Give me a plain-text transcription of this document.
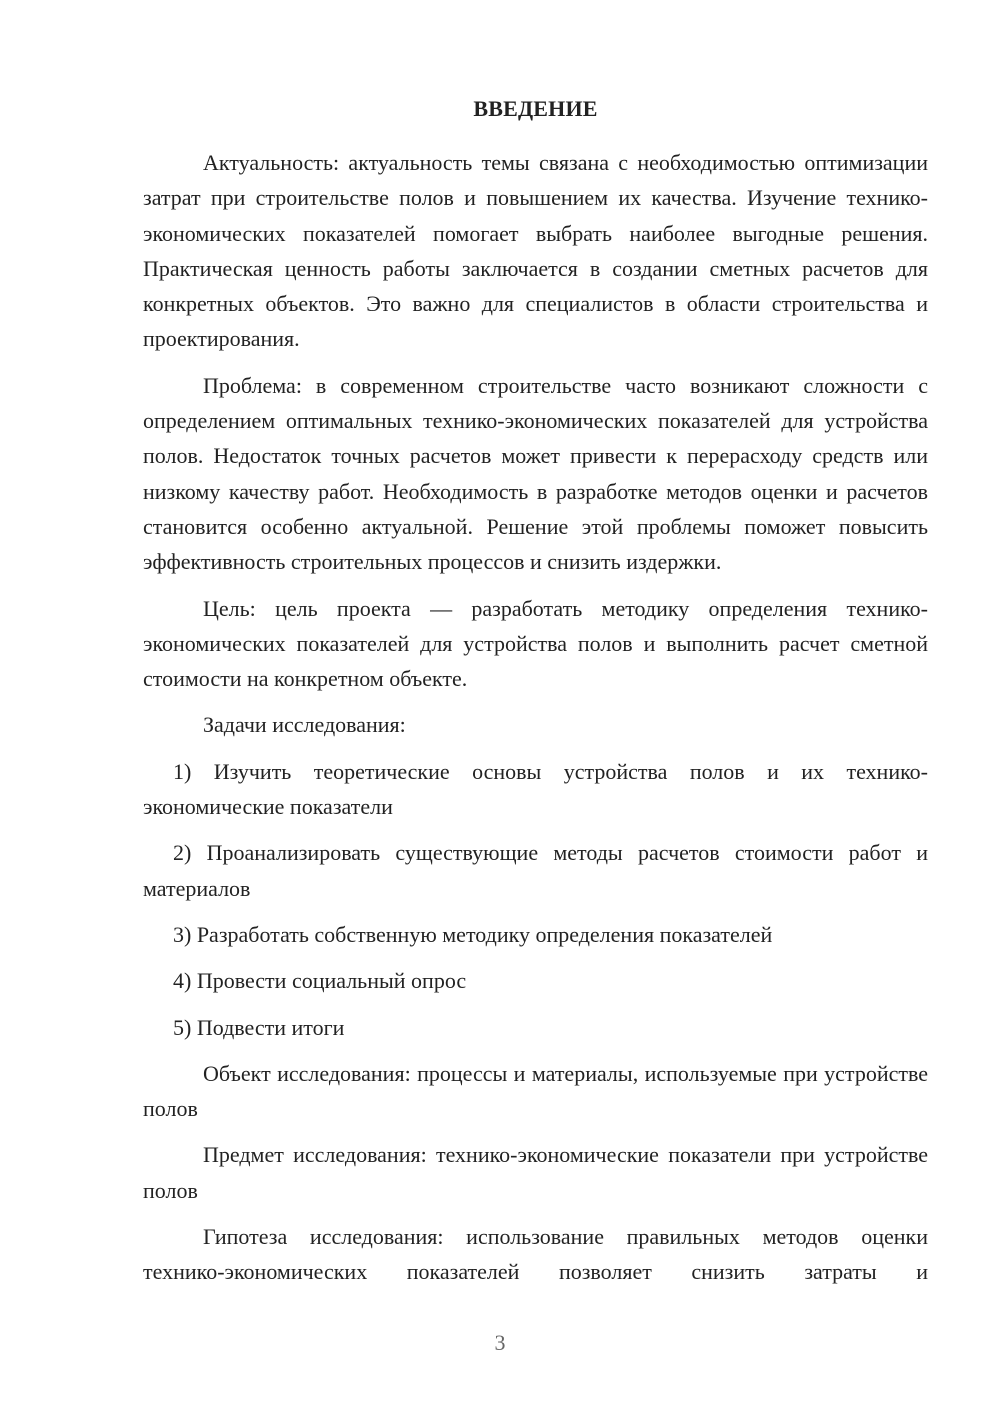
ВВЕДЕНИЕ

Актуальность: актуальность темы связана с необходимостью оптимизации затрат при строительстве полов и повышением их качества. Изучение технико-экономических показателей помогает выбрать наиболее выгодные решения. Практическая ценность работы заключается в создании сметных расчетов для конкретных объектов. Это важно для специалистов в области строительства и проектирования.

Проблема: в современном строительстве часто возникают сложности с определением оптимальных технико-экономических показателей для устройства полов. Недостаток точных расчетов может привести к перерасходу средств или низкому качеству работ. Необходимость в разработке методов оценки и расчетов становится особенно актуальной. Решение этой проблемы поможет повысить эффективность строительных процессов и снизить издержки.

Цель: цель проекта — разработать методику определения технико-экономических показателей для устройства полов и выполнить расчет сметной стоимости на конкретном объекте.

Задачи исследования:

1) Изучить теоретические основы устройства полов и их технико-экономические показатели

2) Проанализировать существующие методы расчетов стоимости работ и материалов

3) Разработать собственную методику определения показателей

4) Провести социальный опрос

5) Подвести итоги

Объект исследования: процессы и материалы, используемые при устройстве полов

Предмет исследования: технико-экономические показатели при устройстве полов

Гипотеза исследования: использование правильных методов оценки технико-экономических показателей позволяет снизить затраты и

3
